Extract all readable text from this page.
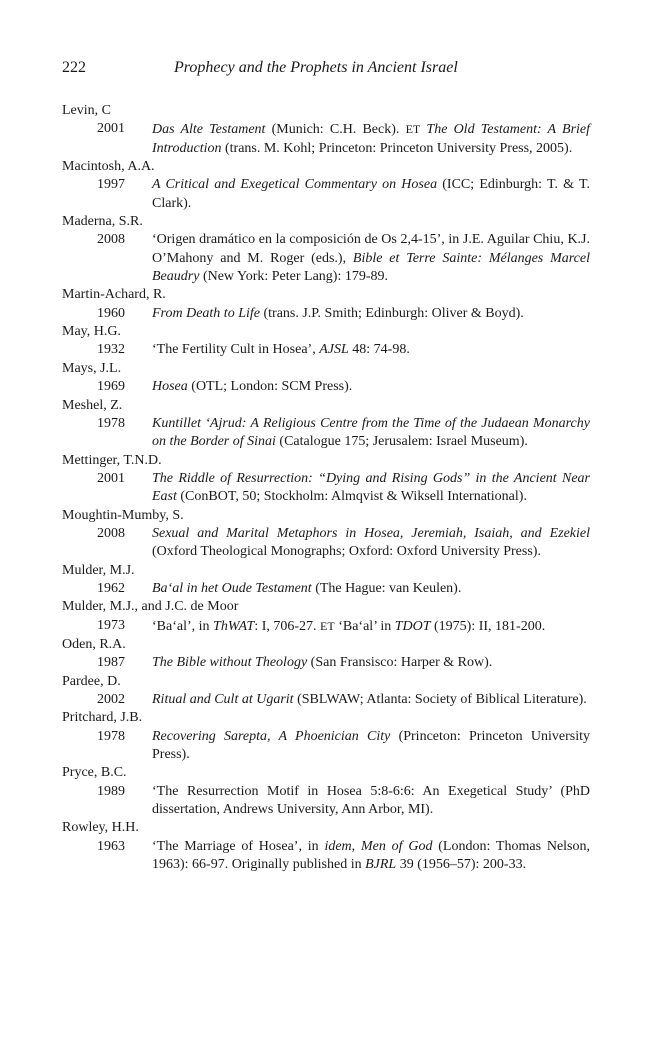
222	Prophecy and the Prophets in Ancient Israel
Levin, C
2001	Das Alte Testament (Munich: C.H. Beck). ET The Old Testament: A Brief Introduction (trans. M. Kohl; Princeton: Princeton University Press, 2005).
Macintosh, A.A.
1997	A Critical and Exegetical Commentary on Hosea (ICC; Edinburgh: T. & T. Clark).
Maderna, S.R.
2008	‘Origen dramático en la composición de Os 2,4-15’, in J.E. Aguilar Chiu, K.J. O’Mahony and M. Roger (eds.), Bible et Terre Sainte: Mélanges Marcel Beaudry (New York: Peter Lang): 179-89.
Martin-Achard, R.
1960	From Death to Life (trans. J.P. Smith; Edinburgh: Oliver & Boyd).
May, H.G.
1932	‘The Fertility Cult in Hosea’, AJSL 48: 74-98.
Mays, J.L.
1969	Hosea (OTL; London: SCM Press).
Meshel, Z.
1978	Kuntillet ‘Ajrud: A Religious Centre from the Time of the Judaean Monarchy on the Border of Sinai (Catalogue 175; Jerusalem: Israel Museum).
Mettinger, T.N.D.
2001	The Riddle of Resurrection: “Dying and Rising Gods” in the Ancient Near East (ConBOT, 50; Stockholm: Almqvist & Wiksell International).
Moughtin-Mumby, S.
2008	Sexual and Marital Metaphors in Hosea, Jeremiah, Isaiah, and Ezekiel (Oxford Theological Monographs; Oxford: Oxford University Press).
Mulder, M.J.
1962	Ba‘al in het Oude Testament (The Hague: van Keulen).
Mulder, M.J., and J.C. de Moor
1973	‘Ba‘al’, in ThWAT: I, 706-27. ET ‘Ba‘al’ in TDOT (1975): II, 181-200.
Oden, R.A.
1987	The Bible without Theology (San Fransisco: Harper & Row).
Pardee, D.
2002	Ritual and Cult at Ugarit (SBLWAW; Atlanta: Society of Biblical Literature).
Pritchard, J.B.
1978	Recovering Sarepta, A Phoenician City (Princeton: Princeton University Press).
Pryce, B.C.
1989	‘The Resurrection Motif in Hosea 5:8-6:6: An Exegetical Study’ (PhD dissertation, Andrews University, Ann Arbor, MI).
Rowley, H.H.
1963	‘The Marriage of Hosea’, in idem, Men of God (London: Thomas Nelson, 1963): 66-97. Originally published in BJRL 39 (1956–57): 200-33.
